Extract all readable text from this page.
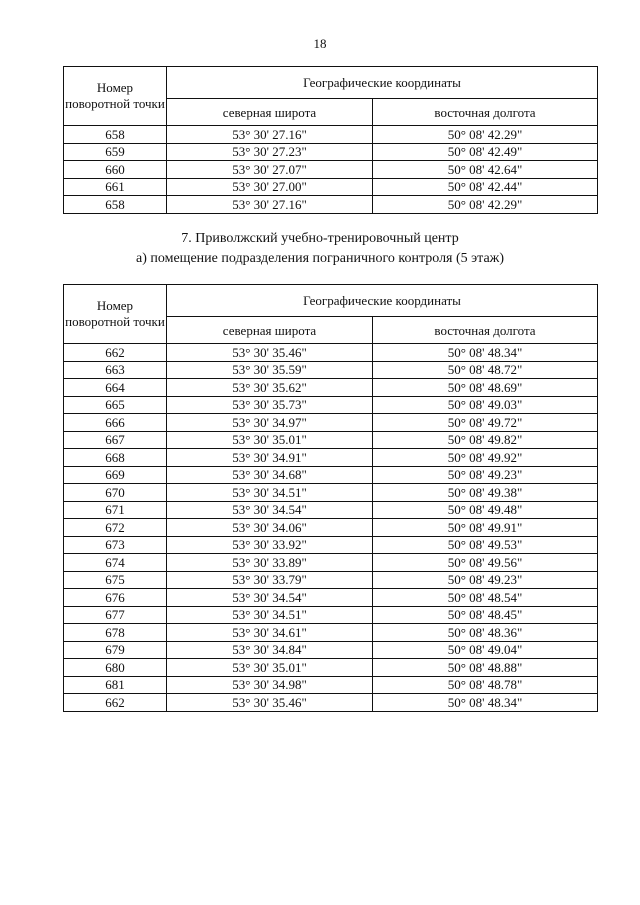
18
Номер поворотной точки	Географические координаты	
	северная широта	восточная долгота
658	53° 30' 27.16"	50° 08' 42.29"
659	53° 30' 27.23"	50° 08' 42.49"
660	53° 30' 27.07"	50° 08' 42.64"
661	53° 30' 27.00"	50° 08' 42.44"
658	53° 30' 27.16"	50° 08' 42.29"
7. Приволжский учебно-тренировочный центр
а) помещение подразделения пограничного контроля (5 этаж)
Номер поворотной точки	Географические координаты	
	северная широта	восточная долгота
662	53° 30' 35.46"	50° 08' 48.34"
663	53° 30' 35.59"	50° 08' 48.72"
664	53° 30' 35.62"	50° 08' 48.69"
665	53° 30' 35.73"	50° 08' 49.03"
666	53° 30' 34.97"	50° 08' 49.72"
667	53° 30' 35.01"	50° 08' 49.82"
668	53° 30' 34.91"	50° 08' 49.92"
669	53° 30' 34.68"	50° 08' 49.23"
670	53° 30' 34.51"	50° 08' 49.38"
671	53° 30' 34.54"	50° 08' 49.48"
672	53° 30' 34.06"	50° 08' 49.91"
673	53° 30' 33.92"	50° 08' 49.53"
674	53° 30' 33.89"	50° 08' 49.56"
675	53° 30' 33.79"	50° 08' 49.23"
676	53° 30' 34.54"	50° 08' 48.54"
677	53° 30' 34.51"	50° 08' 48.45"
678	53° 30' 34.61"	50° 08' 48.36"
679	53° 30' 34.84"	50° 08' 49.04"
680	53° 30' 35.01"	50° 08' 48.88"
681	53° 30' 34.98"	50° 08' 48.78"
662	53° 30' 35.46"	50° 08' 48.34"
